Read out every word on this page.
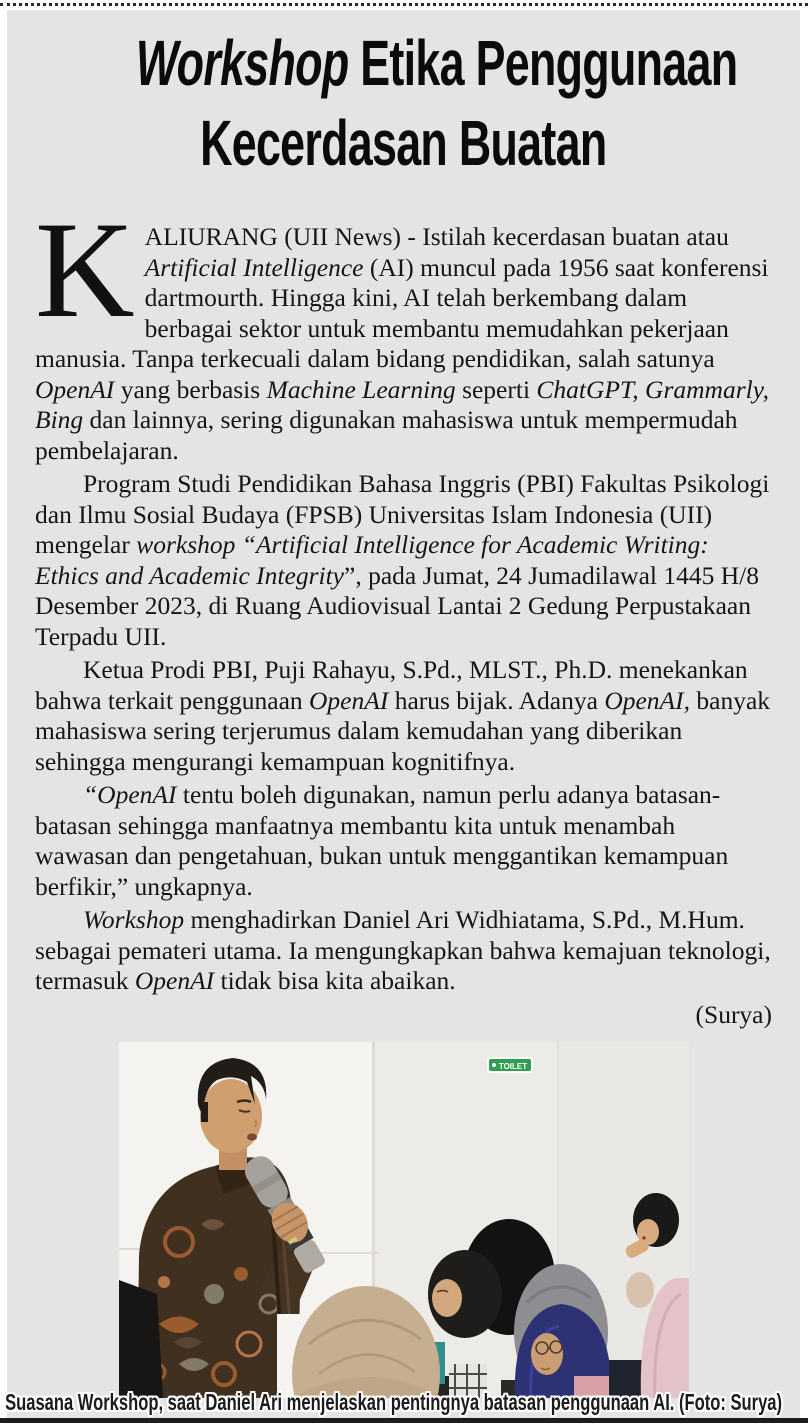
Workshop Etika Penggunaan
Kecerdasan Buatan

KALIURANG (UII News) - Istilah kecerdasan buatan atau Artificial Intelligence (AI) muncul pada 1956 saat konferensi dartmourth. Hingga kini, AI telah berkembang dalam berbagai sektor untuk membantu memudahkan pekerjaan manusia. Tanpa terkecuali dalam bidang pendidikan, salah satunya OpenAI yang berbasis Machine Learning seperti ChatGPT, Grammarly, Bing dan lainnya, sering digunakan mahasiswa untuk mempermudah pembelajaran.

Program Studi Pendidikan Bahasa Inggris (PBI) Fakultas Psikologi dan Ilmu Sosial Budaya (FPSB) Universitas Islam Indonesia (UII) mengelar workshop “Artificial Intelligence for Academic Writing: Ethics and Academic Integrity”, pada Jumat, 24 Jumadilawal 1445 H/8 Desember 2023, di Ruang Audiovisual Lantai 2 Gedung Perpustakaan Terpadu UII.

Ketua Prodi PBI, Puji Rahayu, S.Pd., MLST., Ph.D. menekankan bahwa terkait penggunaan OpenAI harus bijak. Adanya OpenAI, banyak mahasiswa sering terjerumus dalam kemudahan yang diberikan sehingga mengurangi kemampuan kognitifnya.

“OpenAI tentu boleh digunakan, namun perlu adanya batasan-batasan sehingga manfaatnya membantu kita untuk menambah wawasan dan pengetahuan, bukan untuk menggantikan kemampuan berfikir,” ungkapnya.

Workshop menghadirkan Daniel Ari Widhiatama, S.Pd., M.Hum. sebagai pemateri utama. Ia mengungkapkan bahwa kemajuan teknologi, termasuk OpenAI tidak bisa kita abaikan.

(Surya)
TOILET
Suasana Workshop, saat Daniel Ari menjelaskan pentingnya batasan penggunaan AI. (Foto: Surya)
